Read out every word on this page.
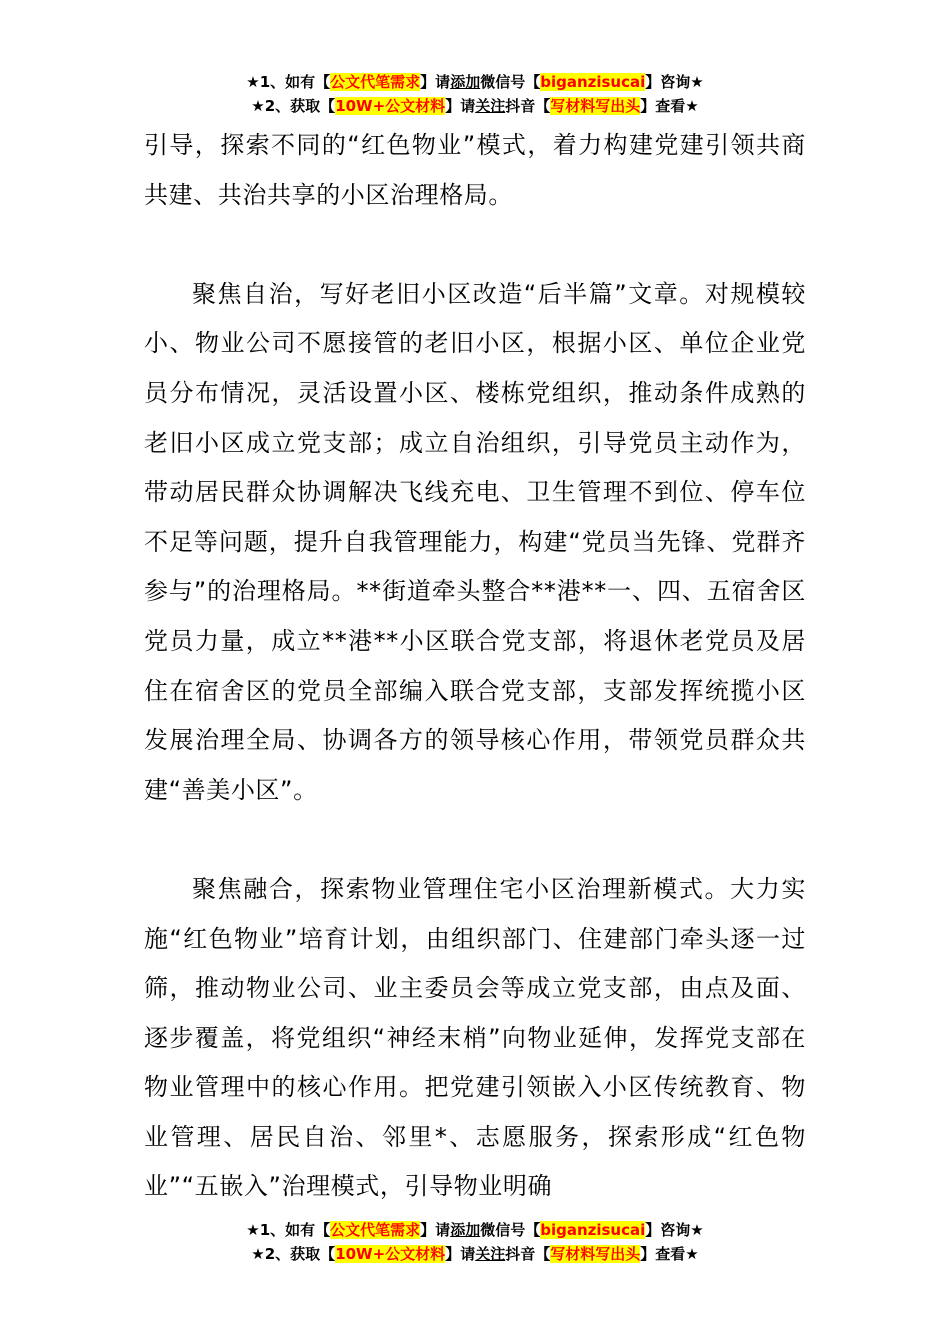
★1、如有【公文代笔需求】请添加微信号【biganzisucai】咨询★
★2、获取【10W+公文材料】请关注抖音【写材料写出头】查看★

引导，探索不同的“红色物业”模式，着力构建党建引领共商共建、共治共享的小区治理格局。

聚焦自治，写好老旧小区改造“后半篇”文章。对规模较小、物业公司不愿接管的老旧小区，根据小区、单位企业党员分布情况，灵活设置小区、楼栋党组织，推动条件成熟的老旧小区成立党支部；成立自治组织，引导党员主动作为，带动居民群众协调解决飞线充电、卫生管理不到位、停车位不足等问题，提升自我管理能力，构建“党员当先锋、党群齐参与”的治理格局。**街道牵头整合**港**一、四、五宿舍区党员力量，成立**港**小区联合党支部，将退休老党员及居住在宿舍区的党员全部编入联合党支部，支部发挥统揽小区发展治理全局、协调各方的领导核心作用，带领党员群众共建“善美小区”。

聚焦融合，探索物业管理住宅小区治理新模式。大力实施“红色物业”培育计划，由组织部门、住建部门牵头逐一过筛，推动物业公司、业主委员会等成立党支部，由点及面、逐步覆盖，将党组织“神经末梢”向物业延伸，发挥党支部在物业管理中的核心作用。把党建引领嵌入小区传统教育、物业管理、居民自治、邻里*、志愿服务，探索形成“红色物业”“五嵌入”治理模式，引导物业明确

★1、如有【公文代笔需求】请添加微信号【biganzisucai】咨询★
★2、获取【10W+公文材料】请关注抖音【写材料写出头】查看★
